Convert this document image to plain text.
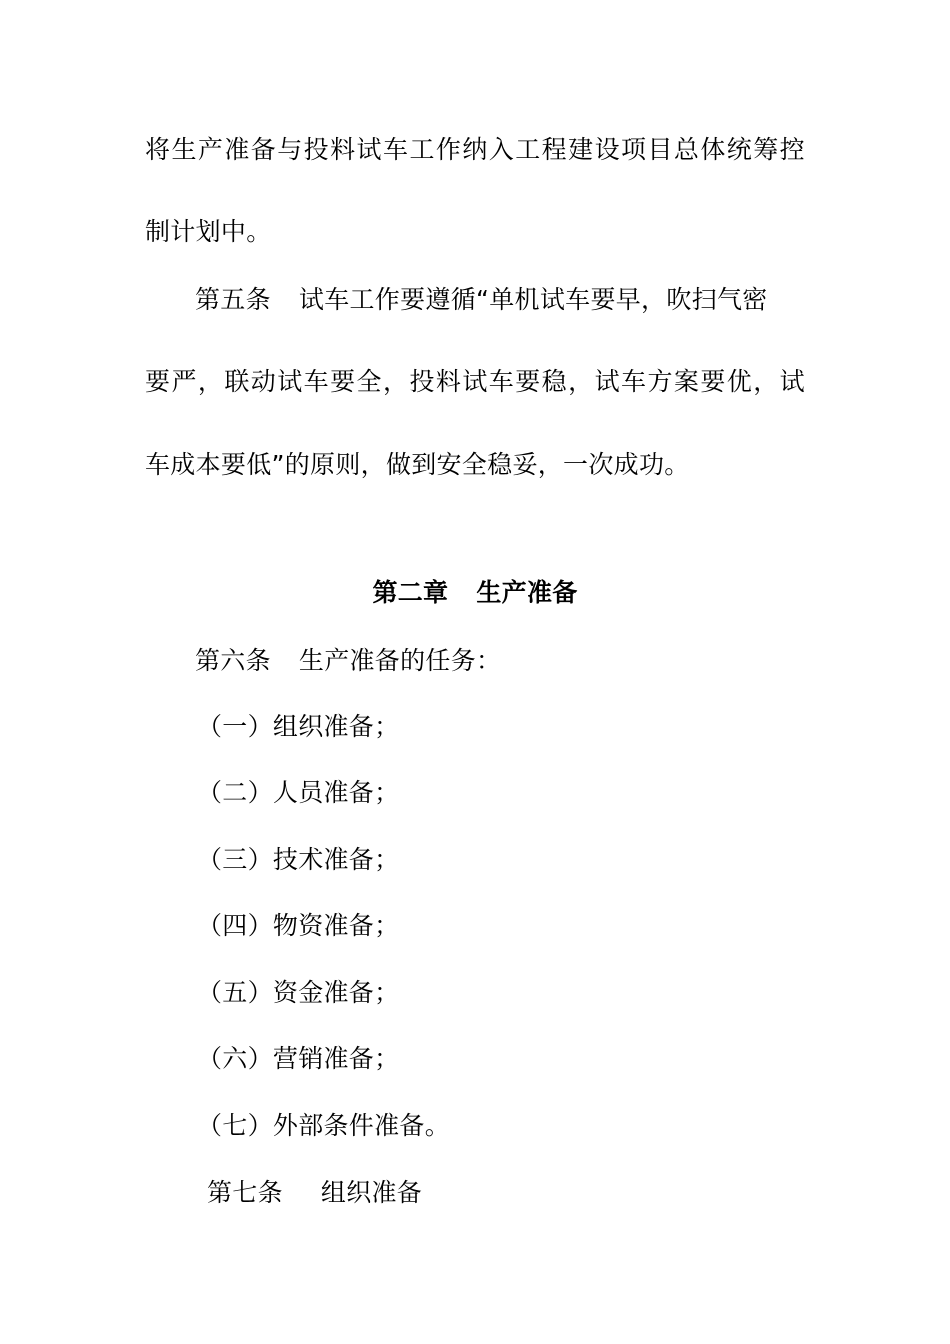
将生产准备与投料试车工作纳入工程建设项目总体统筹控
制计划中。
第五条 试车工作要遵循“单机试车要早，吹扫气密
要严，联动试车要全，投料试车要稳，试车方案要优，试
车成本要低”的原则，做到安全稳妥，一次成功。
第二章 生产准备
第六条 生产准备的任务：
（一）组织准备；
（二）人员准备；
（三）技术准备；
（四）物资准备；
（五）资金准备；
（六）营销准备；
（七）外部条件准备。
第七条 组织准备
